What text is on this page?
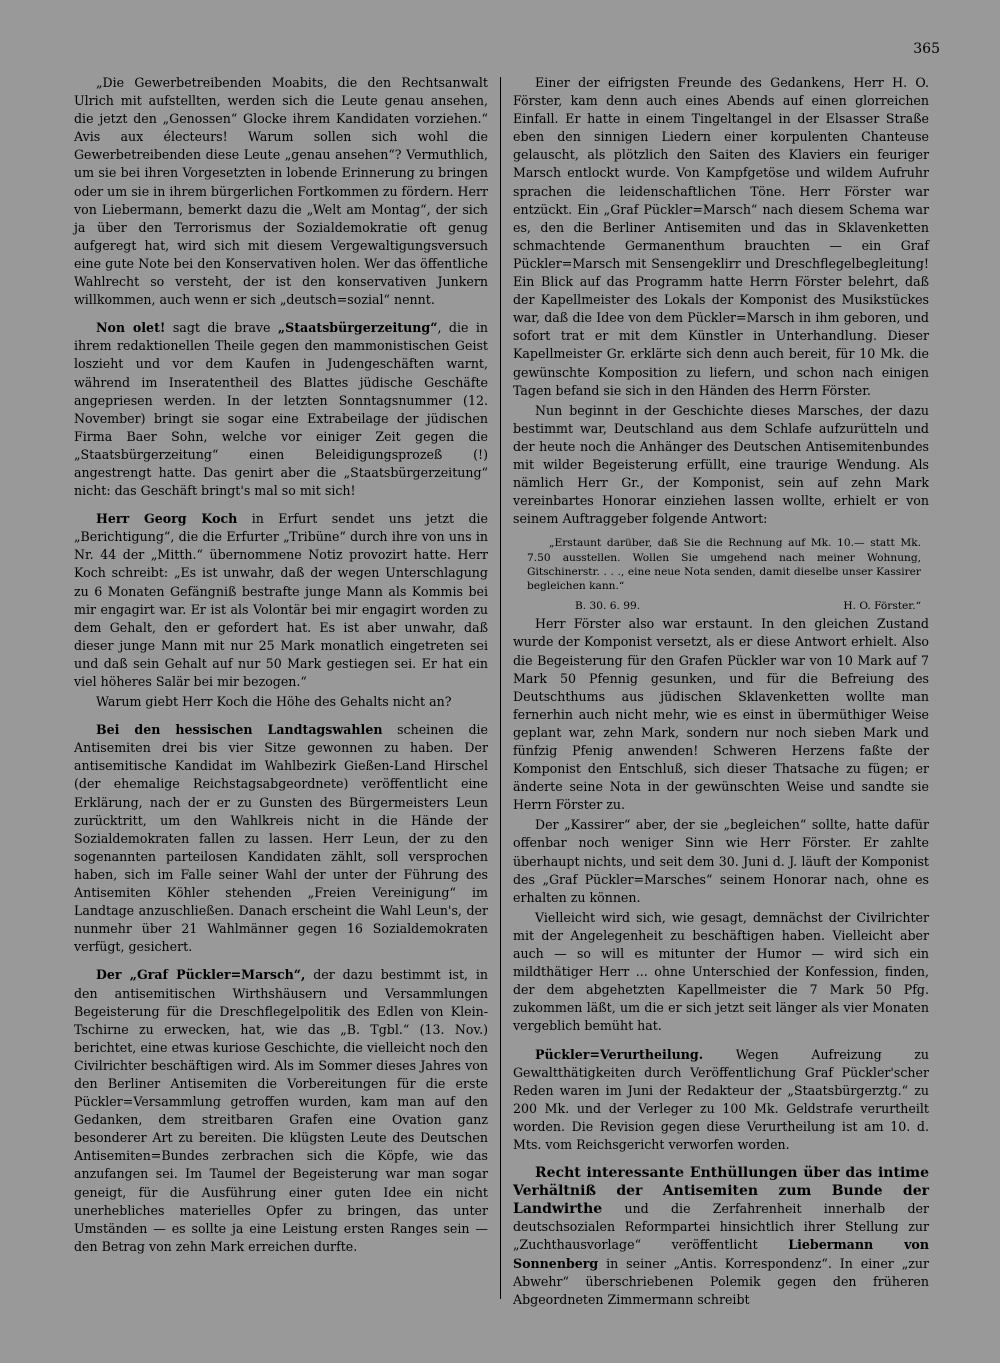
365

„Die Gewerbetreibenden Moabits, die den Rechtsanwalt Ulrich mit aufstellten, werden sich die Leute genau ansehen, die jetzt den „Genossen“ Glocke ihrem Kandidaten vorziehen.“ Avis aux électeurs! Warum sollen sich wohl die Gewerbetreibenden diese Leute „genau ansehen“? Vermuthlich, um sie bei ihren Vorgesetzten in lobende Erinnerung zu bringen oder um sie in ihrem bürgerlichen Fortkommen zu fördern. Herr von Liebermann, bemerkt dazu die „Welt am Montag“, der sich ja über den Terrorismus der Sozialdemokratie oft genug aufgeregt hat, wird sich mit diesem Vergewaltigungsversuch eine gute Note bei den Konservativen holen. Wer das öffentliche Wahlrecht so versteht, der ist den konservativen Junkern willkommen, auch wenn er sich „deutsch=sozial“ nennt.

Non olet! sagt die brave „Staatsbürgerzeitung“, die in ihrem redaktionellen Theile gegen den mammonistischen Geist loszieht und vor dem Kaufen in Judengeschäften warnt, während im Inseratentheil des Blattes jüdische Geschäfte angepriesen werden. In der letzten Sonntagsnummer (12. November) bringt sie sogar eine Extrabeilage der jüdischen Firma Baer Sohn, welche vor einiger Zeit gegen die „Staatsbürgerzeitung“ einen Beleidigungsprozeß (!) angestrengt hatte. Das genirt aber die „Staatsbürgerzeitung“ nicht: das Geschäft bringt's mal so mit sich!

Herr Georg Koch in Erfurt sendet uns jetzt die „Berichtigung“, die die Erfurter „Tribüne“ durch ihre von uns in Nr. 44 der „Mitth.“ übernommene Notiz provozirt hatte. Herr Koch schreibt: „Es ist unwahr, daß der wegen Unterschlagung zu 6 Monaten Gefängniß bestrafte junge Mann als Kommis bei mir engagirt war. Er ist als Volontär bei mir engagirt worden zu dem Gehalt, den er gefordert hat. Es ist aber unwahr, daß dieser junge Mann mit nur 25 Mark monatlich eingetreten sei und daß sein Gehalt auf nur 50 Mark gestiegen sei. Er hat ein viel höheres Salär bei mir bezogen.“

Warum giebt Herr Koch die Höhe des Gehalts nicht an?

Bei den hessischen Landtagswahlen scheinen die Antisemiten drei bis vier Sitze gewonnen zu haben. Der antisemitische Kandidat im Wahlbezirk Gießen-Land Hirschel (der ehemalige Reichstagsabgeordnete) veröffentlicht eine Erklärung, nach der er zu Gunsten des Bürgermeisters Leun zurücktritt, um den Wahlkreis nicht in die Hände der Sozialdemokraten fallen zu lassen. Herr Leun, der zu den sogenannten parteilosen Kandidaten zählt, soll versprochen haben, sich im Falle seiner Wahl der unter der Führung des Antisemiten Köhler stehenden „Freien Vereinigung“ im Landtage anzuschließen. Danach erscheint die Wahl Leun's, der nunmehr über 21 Wahlmänner gegen 16 Sozialdemokraten verfügt, gesichert.

Der „Graf Pückler=Marsch“, der dazu bestimmt ist, in den antisemitischen Wirthshäusern und Versammlungen Begeisterung für die Dreschflegelpolitik des Edlen von Klein-Tschirne zu erwecken, hat, wie das „B. Tgbl.“ (13. Nov.) berichtet, eine etwas kuriose Geschichte, die vielleicht noch den Civilrichter beschäftigen wird. Als im Sommer dieses Jahres von den Berliner Antisemiten die Vorbereitungen für die erste Pückler=Versammlung getroffen wurden, kam man auf den Gedanken, dem streitbaren Grafen eine Ovation ganz besonderer Art zu bereiten. Die klügsten Leute des Deutschen Antisemiten=Bundes zerbrachen sich die Köpfe, wie das anzufangen sei. Im Taumel der Begeisterung war man sogar geneigt, für die Ausführung einer guten Idee ein nicht unerhebliches materielles Opfer zu bringen, das unter Umständen — es sollte ja eine Leistung ersten Ranges sein — den Betrag von zehn Mark erreichen durfte.

Einer der eifrigsten Freunde des Gedankens, Herr H. O. Förster, kam denn auch eines Abends auf einen glorreichen Einfall. Er hatte in einem Tingeltangel in der Elsasser Straße eben den sinnigen Liedern einer korpulenten Chanteuse gelauscht, als plötzlich den Saiten des Klaviers ein feuriger Marsch entlockt wurde. Von Kampfgetöse und wildem Aufruhr sprachen die leidenschaftlichen Töne. Herr Förster war entzückt. Ein „Graf Pückler=Marsch“ nach diesem Schema war es, den die Berliner Antisemiten und das in Sklavenketten schmachtende Germanenthum brauchten — ein Graf Pückler=Marsch mit Sensengeklirr und Dreschflegelbegleitung! Ein Blick auf das Programm hatte Herrn Förster belehrt, daß der Kapellmeister des Lokals der Komponist des Musikstückes war, daß die Idee von dem Pückler=Marsch in ihm geboren, und sofort trat er mit dem Künstler in Unterhandlung. Dieser Kapellmeister Gr. erklärte sich denn auch bereit, für 10 Mk. die gewünschte Komposition zu liefern, und schon nach einigen Tagen befand sie sich in den Händen des Herrn Förster.

Nun beginnt in der Geschichte dieses Marsches, der dazu bestimmt war, Deutschland aus dem Schlafe aufzurütteln und der heute noch die Anhänger des Deutschen Antisemitenbundes mit wilder Begeisterung erfüllt, eine traurige Wendung. Als nämlich Herr Gr., der Komponist, sein auf zehn Mark vereinbartes Honorar einziehen lassen wollte, erhielt er von seinem Auftraggeber folgende Antwort:

„Erstaunt darüber, daß Sie die Rechnung auf Mk. 10.— statt Mk. 7.50 ausstellen. Wollen Sie umgehend nach meiner Wohnung, Gitschinerstr. . . ., eine neue Nota senden, damit dieselbe unser Kassirer begleichen kann.“

B. 30. 6. 99.	H. O. Förster.“

Herr Förster also war erstaunt. In den gleichen Zustand wurde der Komponist versetzt, als er diese Antwort erhielt. Also die Begeisterung für den Grafen Pückler war von 10 Mark auf 7 Mark 50 Pfennig gesunken, und für die Befreiung des Deutschthums aus jüdischen Sklavenketten wollte man fernerhin auch nicht mehr, wie es einst in übermüthiger Weise geplant war, zehn Mark, sondern nur noch sieben Mark und fünfzig Pfenig anwenden! Schweren Herzens faßte der Komponist den Entschluß, sich dieser Thatsache zu fügen; er änderte seine Nota in der gewünschten Weise und sandte sie Herrn Förster zu.

Der „Kassirer“ aber, der sie „begleichen“ sollte, hatte dafür offenbar noch weniger Sinn wie Herr Förster. Er zahlte überhaupt nichts, und seit dem 30. Juni d. J. läuft der Komponist des „Graf Pückler=Marsches“ seinem Honorar nach, ohne es erhalten zu können.

Vielleicht wird sich, wie gesagt, demnächst der Civilrichter mit der Angelegenheit zu beschäftigen haben. Vielleicht aber auch — so will es mitunter der Humor — wird sich ein mildthätiger Herr ... ohne Unterschied der Konfession, finden, der dem abgehetzten Kapellmeister die 7 Mark 50 Pfg. zukommen läßt, um die er sich jetzt seit länger als vier Monaten vergeblich bemüht hat.

Pückler=Verurtheilung. Wegen Aufreizung zu Gewaltthätigkeiten durch Veröffentlichung Graf Pückler'scher Reden waren im Juni der Redakteur der „Staatsbürgerztg.“ zu 200 Mk. und der Verleger zu 100 Mk. Geldstrafe verurtheilt worden. Die Revision gegen diese Verurtheilung ist am 10. d. Mts. vom Reichsgericht verworfen worden.

Recht interessante Enthüllungen über das intime Verhältniß der Antisemiten zum Bunde der Landwirthe und die Zerfahrenheit innerhalb der deutschsozialen Reformpartei hinsichtlich ihrer Stellung zur „Zuchthausvorlage“ veröffentlicht Liebermann von Sonnenberg in seiner „Antis. Korrespondenz“. In einer „zur Abwehr“ überschriebenen Polemik gegen den früheren Abgeordneten Zimmermann schreibt
